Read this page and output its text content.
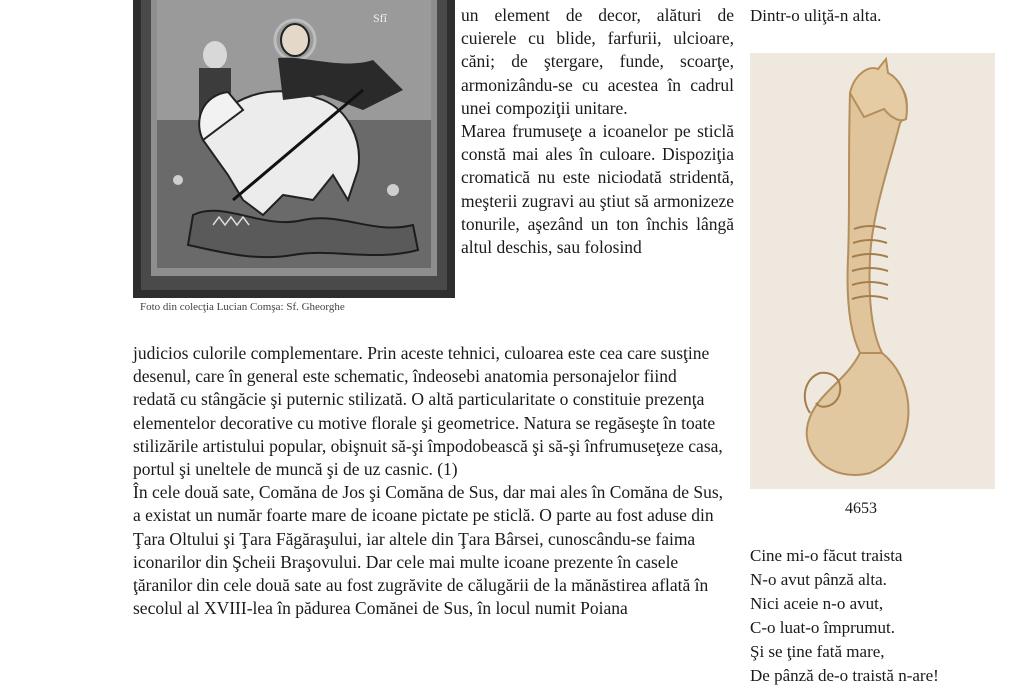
Sfî
Foto din colecţia Lucian Comşa: Sf. Gheorghe

un element de decor, alături de cuierele cu blide, farfurii, ulcioare, căni; de ştergare, funde, scoarţe, armonizându-se cu acestea în cadrul unei compoziţii unitare.

Marea frumuseţe a icoanelor pe sticlă constă mai ales în culoare. Dispoziţia cromatică nu este niciodată stridentă, meşterii zugravi au ştiut să armonizeze tonurile, aşezând un ton închis lângă altul deschis, sau folosind

judicios culorile complementare. Prin aceste tehnici, culoarea este cea care susţine desenul, care în general este schematic, îndeosebi anatomia personajelor fiind redată cu stângăcie şi puternic stilizată. O altă particularitate o constituie prezenţa elementelor decorative cu motive florale şi geometrice. Natura se regăseşte în toate stilizările artistului popular, obişnuit să-şi împodobească şi să-şi înfrumuseţeze casa, portul şi uneltele de muncă şi de uz casnic. (1)

În cele două sate, Comăna de Jos şi Comăna de Sus, dar mai ales în Comăna de Sus, a existat un număr foarte mare de icoane pictate pe sticlă. O parte au fost aduse din Ţara Oltului şi Ţara Făgăraşului, iar altele din Ţara Bârsei, cunoscându-se faima iconarilor din Şcheii Braşovului. Dar cele mai multe icoane prezente în casele ţăranilor din cele două sate au fost zugrăvite de călugării de la mănăstirea aflată în secolul al XVIII-lea în pădurea Comănei de Sus, în locul numit Poiana

Dintr-o uliţă-n alta.
4653
Cine mi-o făcut traista
N-o avut pânză alta.
Nici aceie n-o avut,
C-o luat-o împrumut.
Şi se ţine fată mare,
De pânză de-o traistă n-are!
